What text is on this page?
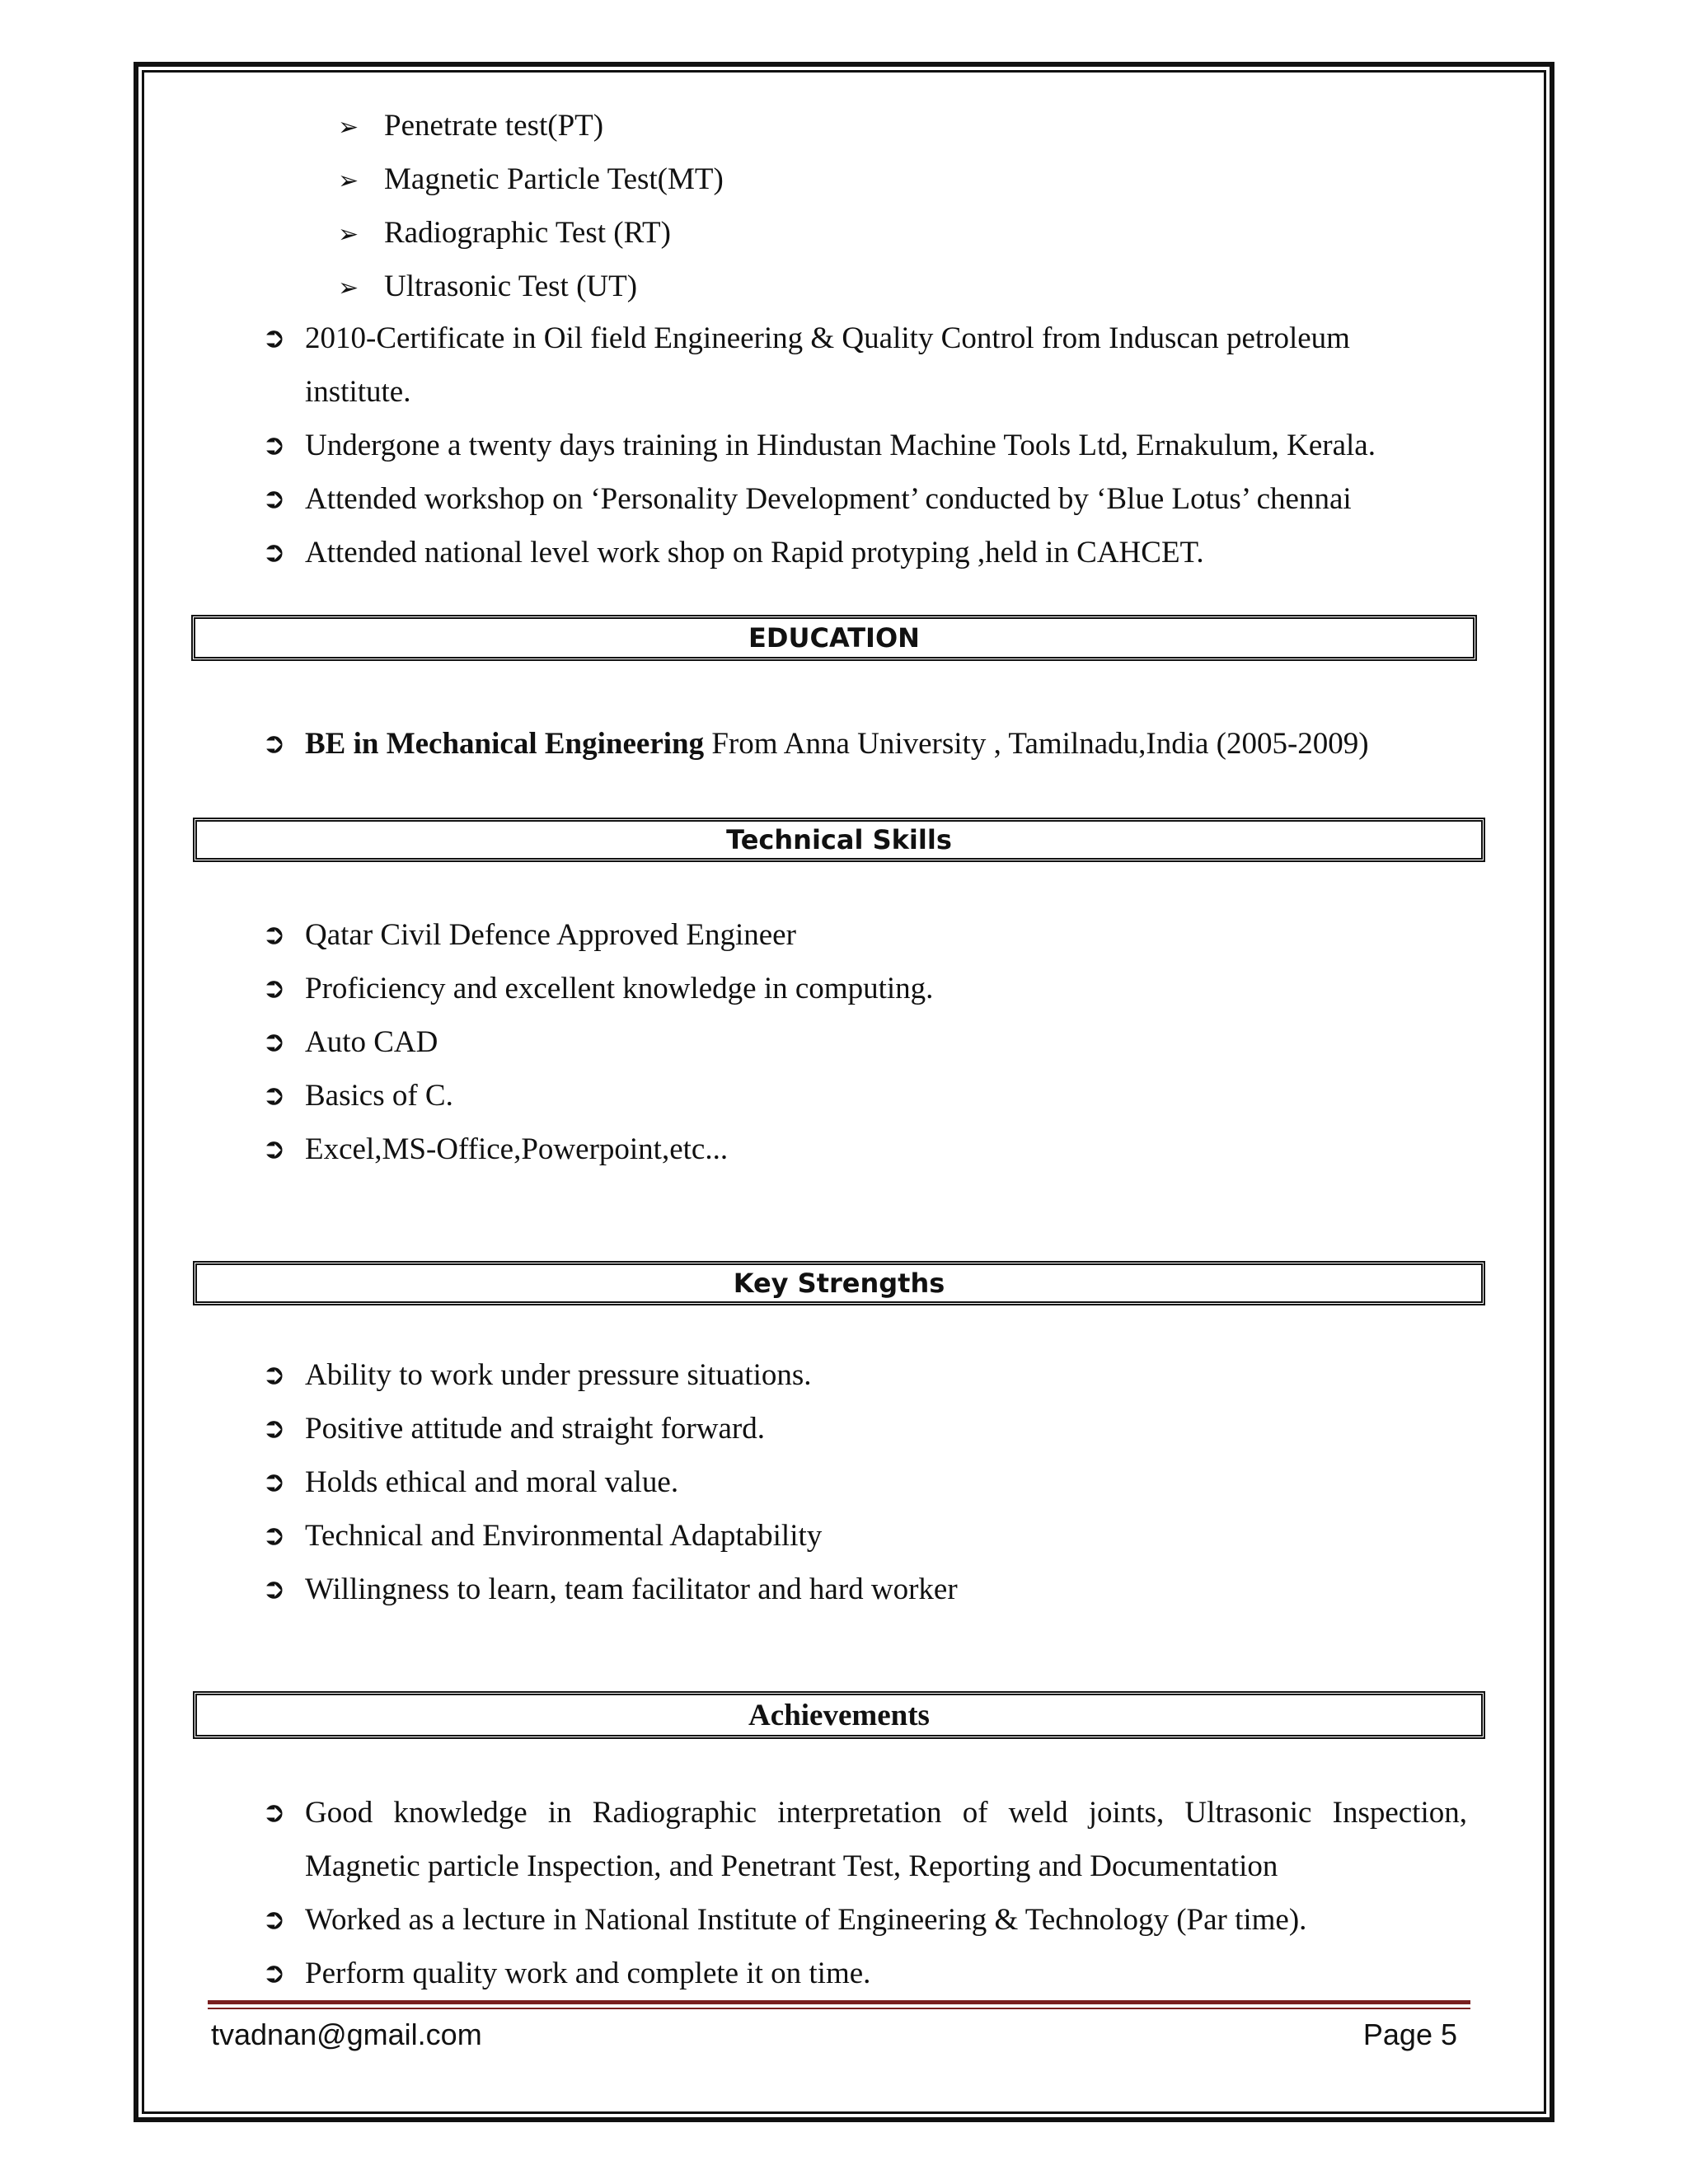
➢ Penetrate test(PT)
➢ Magnetic Particle Test(MT)
➢ Radiographic Test (RT)
➢ Ultrasonic Test (UT)
➲ 2010-Certificate in Oil field Engineering & Quality Control from Induscan petroleum institute.
➲ Undergone a twenty days training in Hindustan Machine Tools Ltd, Ernakulum, Kerala.
➲ Attended workshop on ‘Personality Development’ conducted by ‘Blue Lotus’ chennai
➲ Attended national level work shop on Rapid protyping ,held in CAHCET.
EDUCATION
➲ BE in Mechanical Engineering From Anna University , Tamilnadu,India (2005-2009)
Technical Skills
➲ Qatar Civil Defence Approved Engineer
➲ Proficiency and excellent knowledge in computing.
➲ Auto CAD
➲ Basics of C.
➲ Excel,MS-Office,Powerpoint,etc...
Key Strengths
➲ Ability to work under pressure situations.
➲ Positive attitude and straight forward.
➲ Holds ethical and moral value.
➲ Technical and Environmental Adaptability
➲ Willingness to learn, team facilitator and hard worker
Achievements
➲ Good knowledge in Radiographic interpretation of weld joints, Ultrasonic Inspection, Magnetic particle Inspection, and Penetrant Test, Reporting and Documentation
➲ Worked as a lecture in National Institute of Engineering & Technology (Par time).
➲ Perform quality work and complete it on time.
tvadnan@gmail.com	Page 5
